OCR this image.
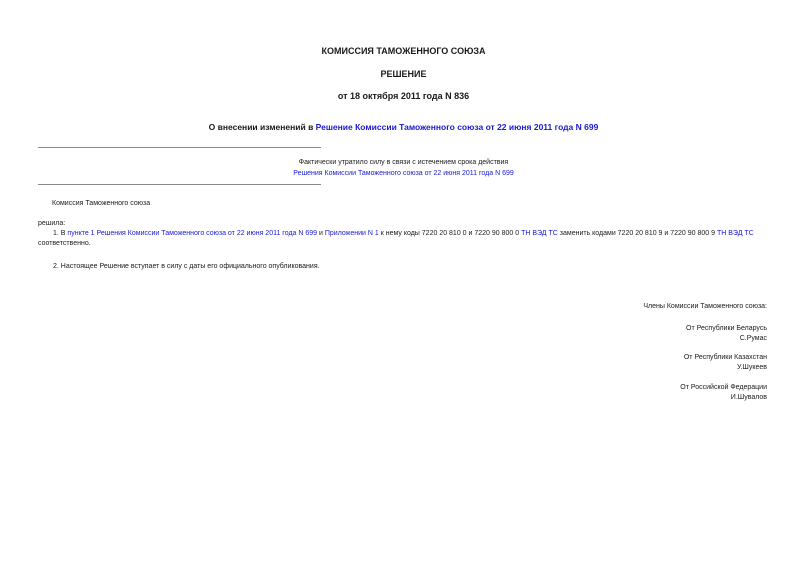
КОМИССИЯ ТАМОЖЕННОГО СОЮЗА
РЕШЕНИЕ
от 18 октября 2011 года N 836
О внесении изменений в Решение Комиссии Таможенного союза от 22 июня 2011 года N 699
Фактически утратило силу в связи с истечением срока действия
Решения Комиссии Таможенного союза от 22 июня 2011 года N 699
Комиссия Таможенного союза
решила:
1. В пункте 1 Решения Комиссии Таможенного союза от 22 июня 2011 года N 699 и Приложении N 1 к нему коды 7220 20 810 0 и 7220 90 800 0 ТН ВЭД ТС заменить кодами 7220 20 810 9 и 7220 90 800 9 ТН ВЭД ТС соответственно.
2. Настоящее Решение вступает в силу с даты его официального опубликования.
Члены Комиссии Таможенного союза:
От Республики Беларусь
С.Румас
От Республики Казахстан
У.Шукеев
От Российской Федерации
И.Шувалов
